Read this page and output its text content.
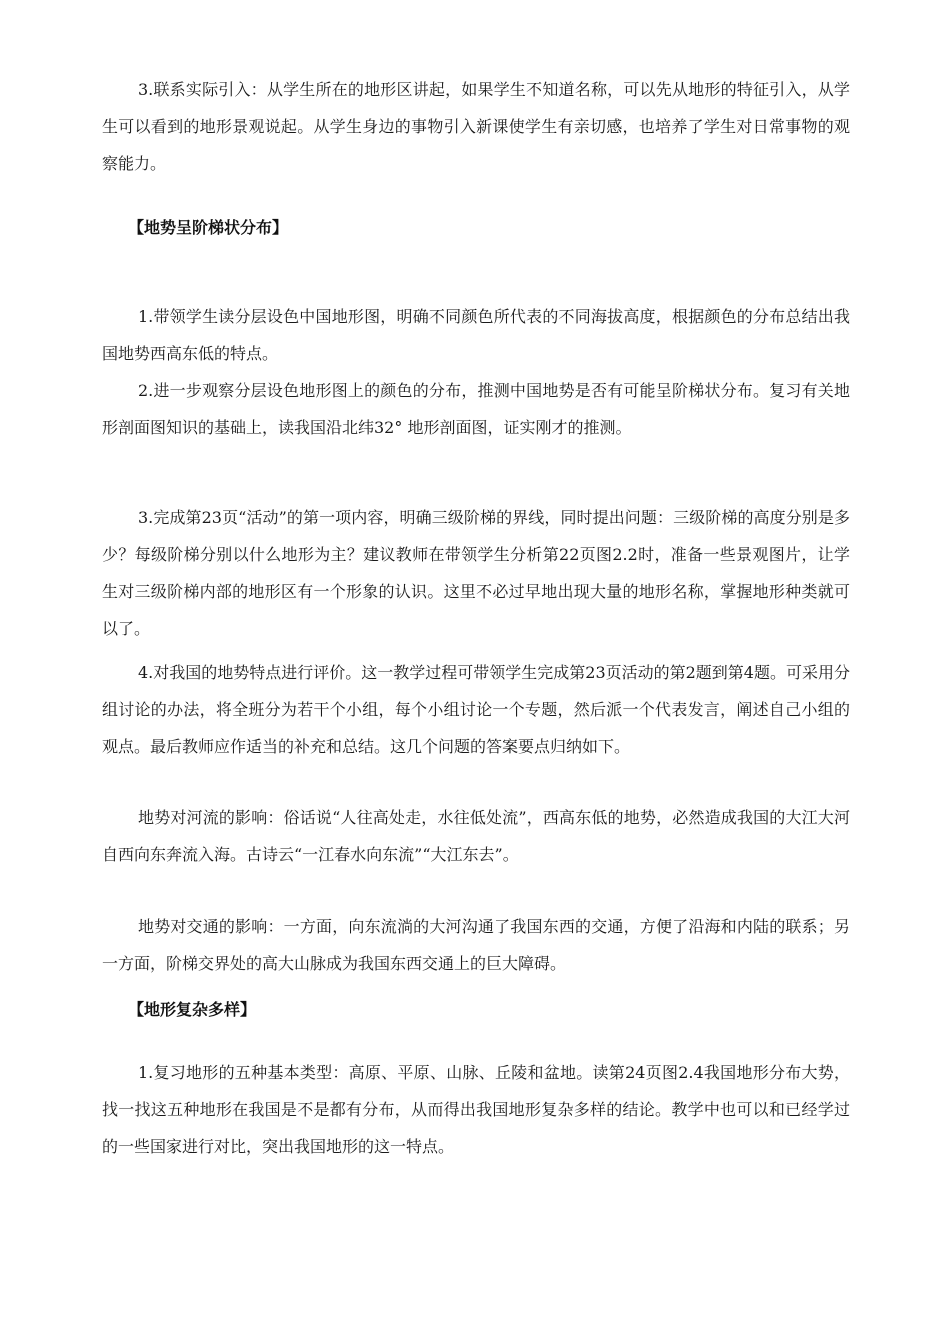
3.联系实际引入：从学生所在的地形区讲起，如果学生不知道名称，可以先从地形的特征引入，从学生可以看到的地形景观说起。从学生身边的事物引入新课使学生有亲切感，也培养了学生对日常事物的观察能力。

【地势呈阶梯状分布】

1.带领学生读分层设色中国地形图，明确不同颜色所代表的不同海拔高度，根据颜色的分布总结出我国地势西高东低的特点。

2.进一步观察分层设色地形图上的颜色的分布，推测中国地势是否有可能呈阶梯状分布。复习有关地形剖面图知识的基础上，读我国沿北纬32° 地形剖面图，证实刚才的推测。

3.完成第23页“活动”的第一项内容，明确三级阶梯的界线，同时提出问题：三级阶梯的高度分别是多少？每级阶梯分别以什么地形为主？建议教师在带领学生分析第22页图2.2时，准备一些景观图片，让学生对三级阶梯内部的地形区有一个形象的认识。这里不必过早地出现大量的地形名称，掌握地形种类就可以了。

4.对我国的地势特点进行评价。这一教学过程可带领学生完成第23页活动的第2题到第4题。可采用分组讨论的办法，将全班分为若干个小组，每个小组讨论一个专题，然后派一个代表发言，阐述自己小组的观点。最后教师应作适当的补充和总结。这几个问题的答案要点归纳如下。

地势对河流的影响：俗话说“人往高处走，水往低处流”，西高东低的地势，必然造成我国的大江大河自西向东奔流入海。古诗云“一江春水向东流”“大江东去”。

地势对交通的影响：一方面，向东流淌的大河沟通了我国东西的交通，方便了沿海和内陆的联系；另一方面，阶梯交界处的高大山脉成为我国东西交通上的巨大障碍。

【地形复杂多样】

1.复习地形的五种基本类型：高原、平原、山脉、丘陵和盆地。读第24页图2.4我国地形分布大势，找一找这五种地形在我国是不是都有分布，从而得出我国地形复杂多样的结论。教学中也可以和已经学过的一些国家进行对比，突出我国地形的这一特点。
